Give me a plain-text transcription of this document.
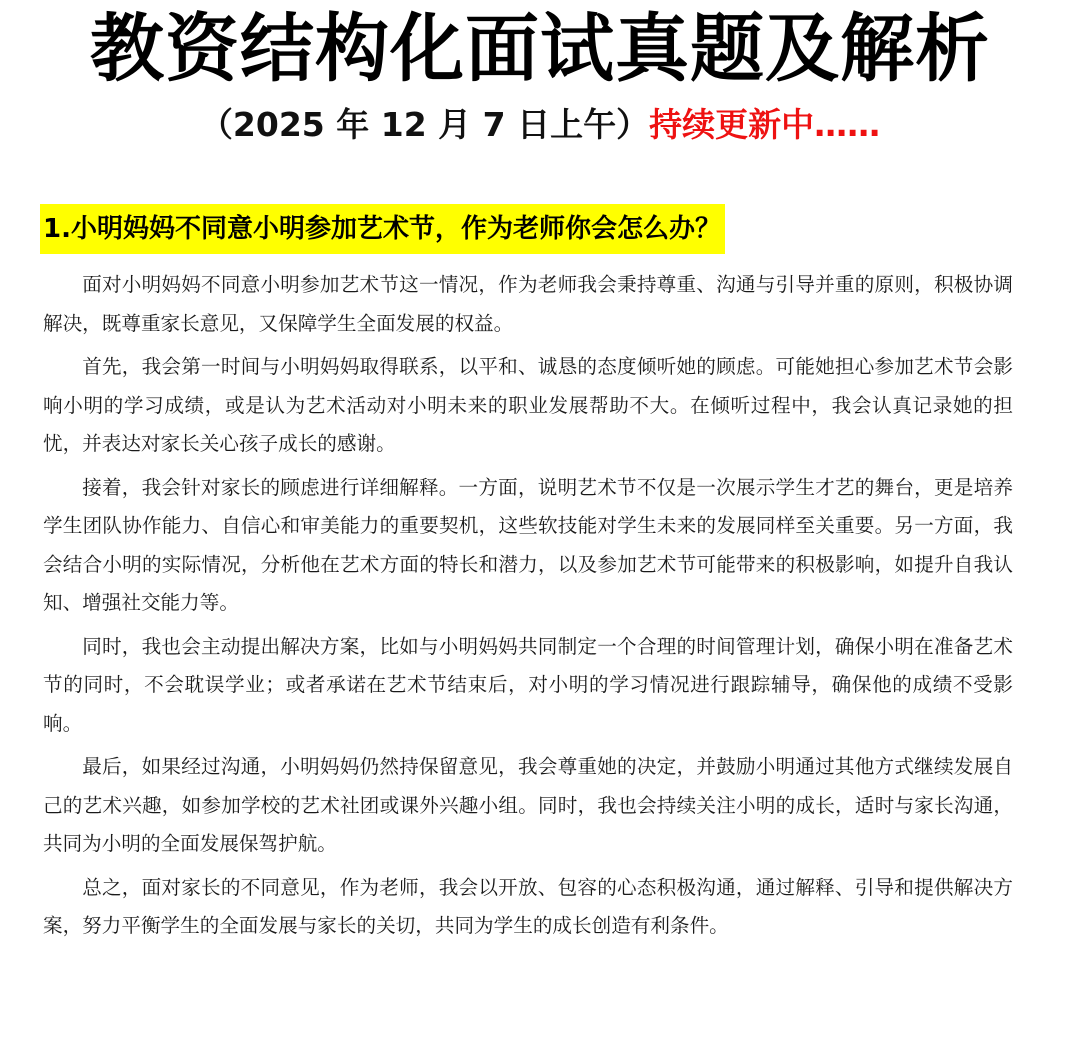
教资结构化面试真题及解析
（2025 年 12 月 7 日上午）持续更新中……
1.小明妈妈不同意小明参加艺术节，作为老师你会怎么办？

面对小明妈妈不同意小明参加艺术节这一情况，作为老师我会秉持尊重、沟通与引导并重的原则，积极协调解决，既尊重家长意见，又保障学生全面发展的权益。

首先，我会第一时间与小明妈妈取得联系，以平和、诚恳的态度倾听她的顾虑。可能她担心参加艺术节会影响小明的学习成绩，或是认为艺术活动对小明未来的职业发展帮助不大。在倾听过程中，我会认真记录她的担忧，并表达对家长关心孩子成长的感谢。

接着，我会针对家长的顾虑进行详细解释。一方面，说明艺术节不仅是一次展示学生才艺的舞台，更是培养学生团队协作能力、自信心和审美能力的重要契机，这些软技能对学生未来的发展同样至关重要。另一方面，我会结合小明的实际情况，分析他在艺术方面的特长和潜力，以及参加艺术节可能带来的积极影响，如提升自我认知、增强社交能力等。

同时，我也会主动提出解决方案，比如与小明妈妈共同制定一个合理的时间管理计划，确保小明在准备艺术节的同时，不会耽误学业；或者承诺在艺术节结束后，对小明的学习情况进行跟踪辅导，确保他的成绩不受影响。

最后，如果经过沟通，小明妈妈仍然持保留意见，我会尊重她的决定，并鼓励小明通过其他方式继续发展自己的艺术兴趣，如参加学校的艺术社团或课外兴趣小组。同时，我也会持续关注小明的成长，适时与家长沟通，共同为小明的全面发展保驾护航。

总之，面对家长的不同意见，作为老师，我会以开放、包容的心态积极沟通，通过解释、引导和提供解决方案，努力平衡学生的全面发展与家长的关切，共同为学生的成长创造有利条件。
